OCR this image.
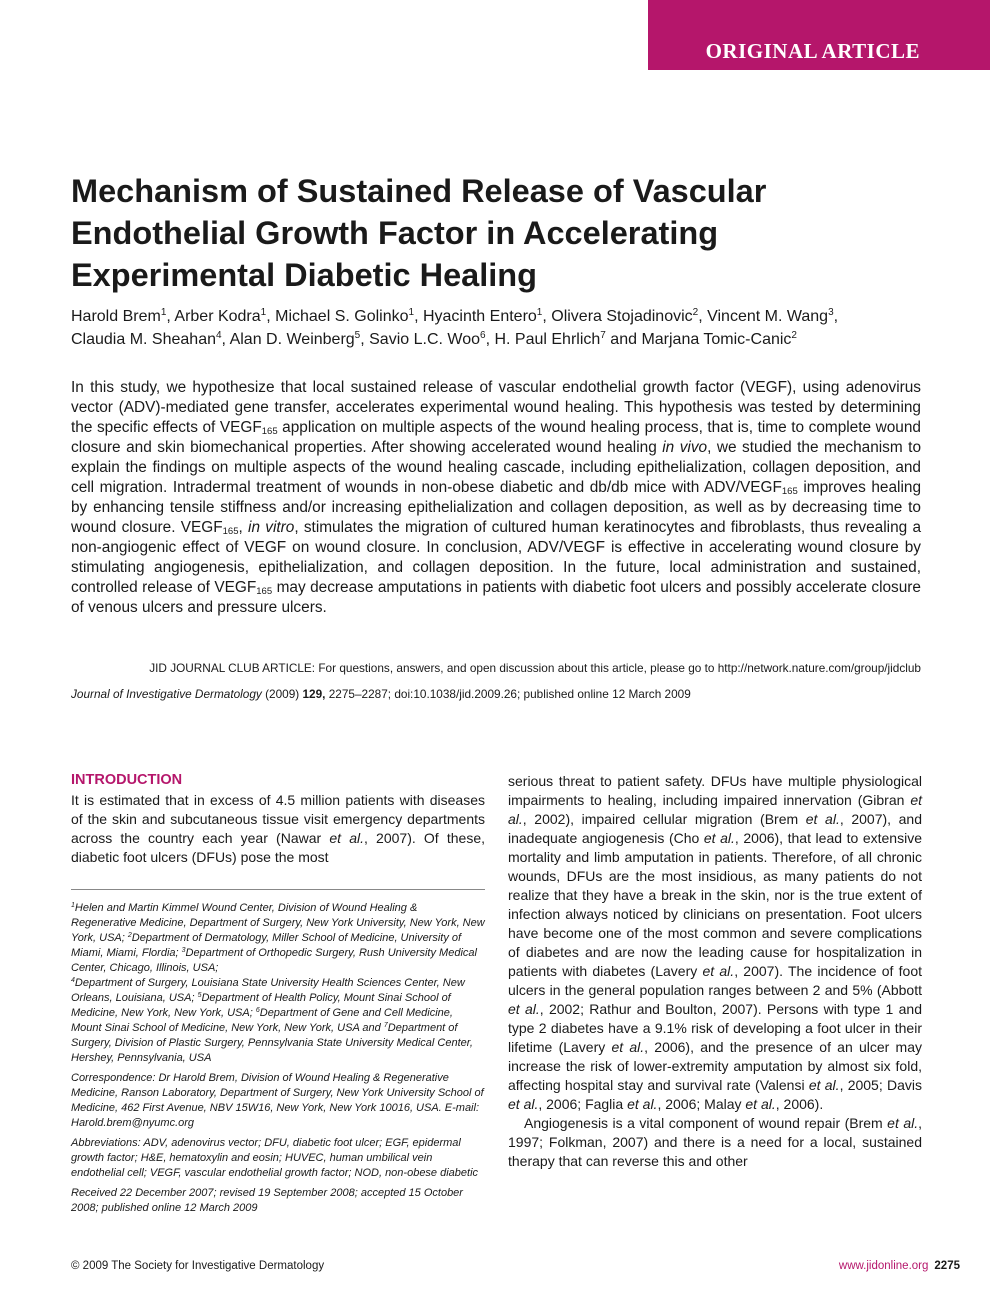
ORIGINAL ARTICLE
Mechanism of Sustained Release of Vascular Endothelial Growth Factor in Accelerating Experimental Diabetic Healing

Harold Brem$^1$, Arber Kodra$^1$, Michael S. Golinko$^1$, Hyacinth Entero$^1$, Olivera Stojadinovic$^2$, Vincent M. Wang$^3$,
Claudia M. Sheahan$^4$, Alan D. Weinberg$^5$, Savio L.C. Woo$^6$, H. Paul Ehrlich$^7$ and Marjana Tomic-Canic$^2$

In this study, we hypothesize that local sustained release of vascular endothelial growth factor (VEGF), using adenovirus vector (ADV)-mediated gene transfer, accelerates experimental wound healing. This hypothesis was tested by determining the specific effects of $VEGF_{165}$ application on multiple aspects of the wound healing process, that is, time to complete wound closure and skin biomechanical properties. After showing accelerated wound healing in vivo, we studied the mechanism to explain the findings on multiple aspects of the wound healing cascade, including epithelialization, collagen deposition, and cell migration. Intradermal treatment of wounds in non-obese diabetic and db/db mice with ADV/$VEGF_{165}$ improves healing by enhancing tensile stiffness and/or increasing epithelialization and collagen deposition, as well as by decreasing time to wound closure. $VEGF_{165}$, in vitro, stimulates the migration of cultured human keratinocytes and fibroblasts, thus revealing a non-angiogenic effect of VEGF on wound closure. In conclusion, ADV/VEGF is effective in accelerating wound closure by stimulating angiogenesis, epithelialization, and collagen deposition. In the future, local administration and sustained, controlled release of $VEGF_{165}$ may decrease amputations in patients with diabetic foot ulcers and possibly accelerate closure of venous ulcers and pressure ulcers.

JID JOURNAL CLUB ARTICLE: For questions, answers, and open discussion about this article, please go to http://network.nature.com/group/jidclub

Journal of Investigative Dermatology (2009) 129, 2275–2287; doi:10.1038/jid.2009.26; published online 12 March 2009

INTRODUCTION

It is estimated that in excess of 4.5 million patients with diseases of the skin and subcutaneous tissue visit emergency departments across the country each year (Nawar et al., 2007). Of these, diabetic foot ulcers (DFUs) pose the most

$^1$Helen and Martin Kimmel Wound Center, Division of Wound Healing & Regenerative Medicine, Department of Surgery, New York University, New York, New York, USA; $^2$Department of Dermatology, Miller School of Medicine, University of Miami, Miami, Flordia; $^3$Department of Orthopedic Surgery, Rush University Medical Center, Chicago, Illinois, USA;
$^4$Department of Surgery, Louisiana State University Health Sciences Center, New Orleans, Louisiana, USA; $^5$Department of Health Policy, Mount Sinai School of Medicine, New York, New York, USA; $^6$Department of Gene and Cell Medicine, Mount Sinai School of Medicine, New York, New York, USA and $^7$Department of Surgery, Division of Plastic Surgery, Pennsylvania State University Medical Center, Hershey, Pennsylvania, USA

Correspondence: Dr Harold Brem, Division of Wound Healing & Regenerative Medicine, Ranson Laboratory, Department of Surgery, New York University School of Medicine, 462 First Avenue, NBV 15W16, New York, New York 10016, USA. E-mail: Harold.brem@nyumc.org

Abbreviations: ADV, adenovirus vector; DFU, diabetic foot ulcer; EGF, epidermal growth factor; H&E, hematoxylin and eosin; HUVEC, human umbilical vein endothelial cell; VEGF, vascular endothelial growth factor; NOD, non-obese diabetic

Received 22 December 2007; revised 19 September 2008; accepted 15 October 2008; published online 12 March 2009

serious threat to patient safety. DFUs have multiple physiological impairments to healing, including impaired innervation (Gibran et al., 2002), impaired cellular migration (Brem et al., 2007), and inadequate angiogenesis (Cho et al., 2006), that lead to extensive mortality and limb amputation in patients. Therefore, of all chronic wounds, DFUs are the most insidious, as many patients do not realize that they have a break in the skin, nor is the true extent of infection always noticed by clinicians on presentation. Foot ulcers have become one of the most common and severe complications of diabetes and are now the leading cause for hospitalization in patients with diabetes (Lavery et al., 2007). The incidence of foot ulcers in the general population ranges between 2 and 5% (Abbott et al., 2002; Rathur and Boulton, 2007). Persons with type 1 and type 2 diabetes have a 9.1% risk of developing a foot ulcer in their lifetime (Lavery et al., 2006), and the presence of an ulcer may increase the risk of lower-extremity amputation by almost six fold, affecting hospital stay and survival rate (Valensi et al., 2005; Davis et al., 2006; Faglia et al., 2006; Malay et al., 2006).

Angiogenesis is a vital component of wound repair (Brem et al., 1997; Folkman, 2007) and there is a need for a local, sustained therapy that can reverse this and other

© 2009 The Society for Investigative Dermatology	www.jidonline.org 2275
